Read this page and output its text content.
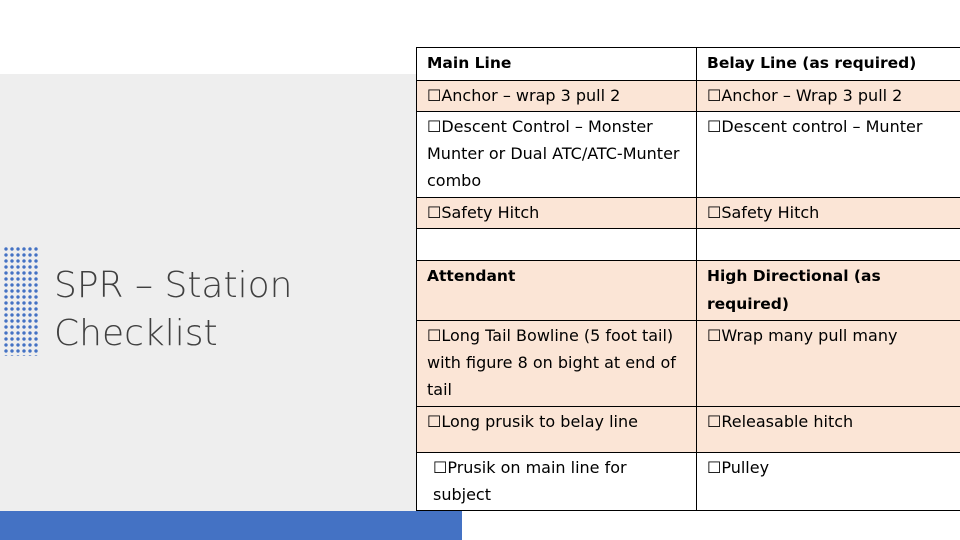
SPR – Station
Checklist
Main Line	Belay Line (as required)
☐Anchor – wrap 3 pull 2	☐Anchor – Wrap 3 pull 2
☐Descent Control – Monster Munter or Dual ATC/ATC-Munter combo	☐Descent control – Munter
☐Safety Hitch	☐Safety Hitch

Attendant	High Directional (as required)
☐Long Tail Bowline (5 foot tail) with figure 8 on bight at end of tail	☐Wrap many pull many
☐Long prusik to belay line	☐Releasable hitch
☐Prusik on main line for subject	☐Pulley
